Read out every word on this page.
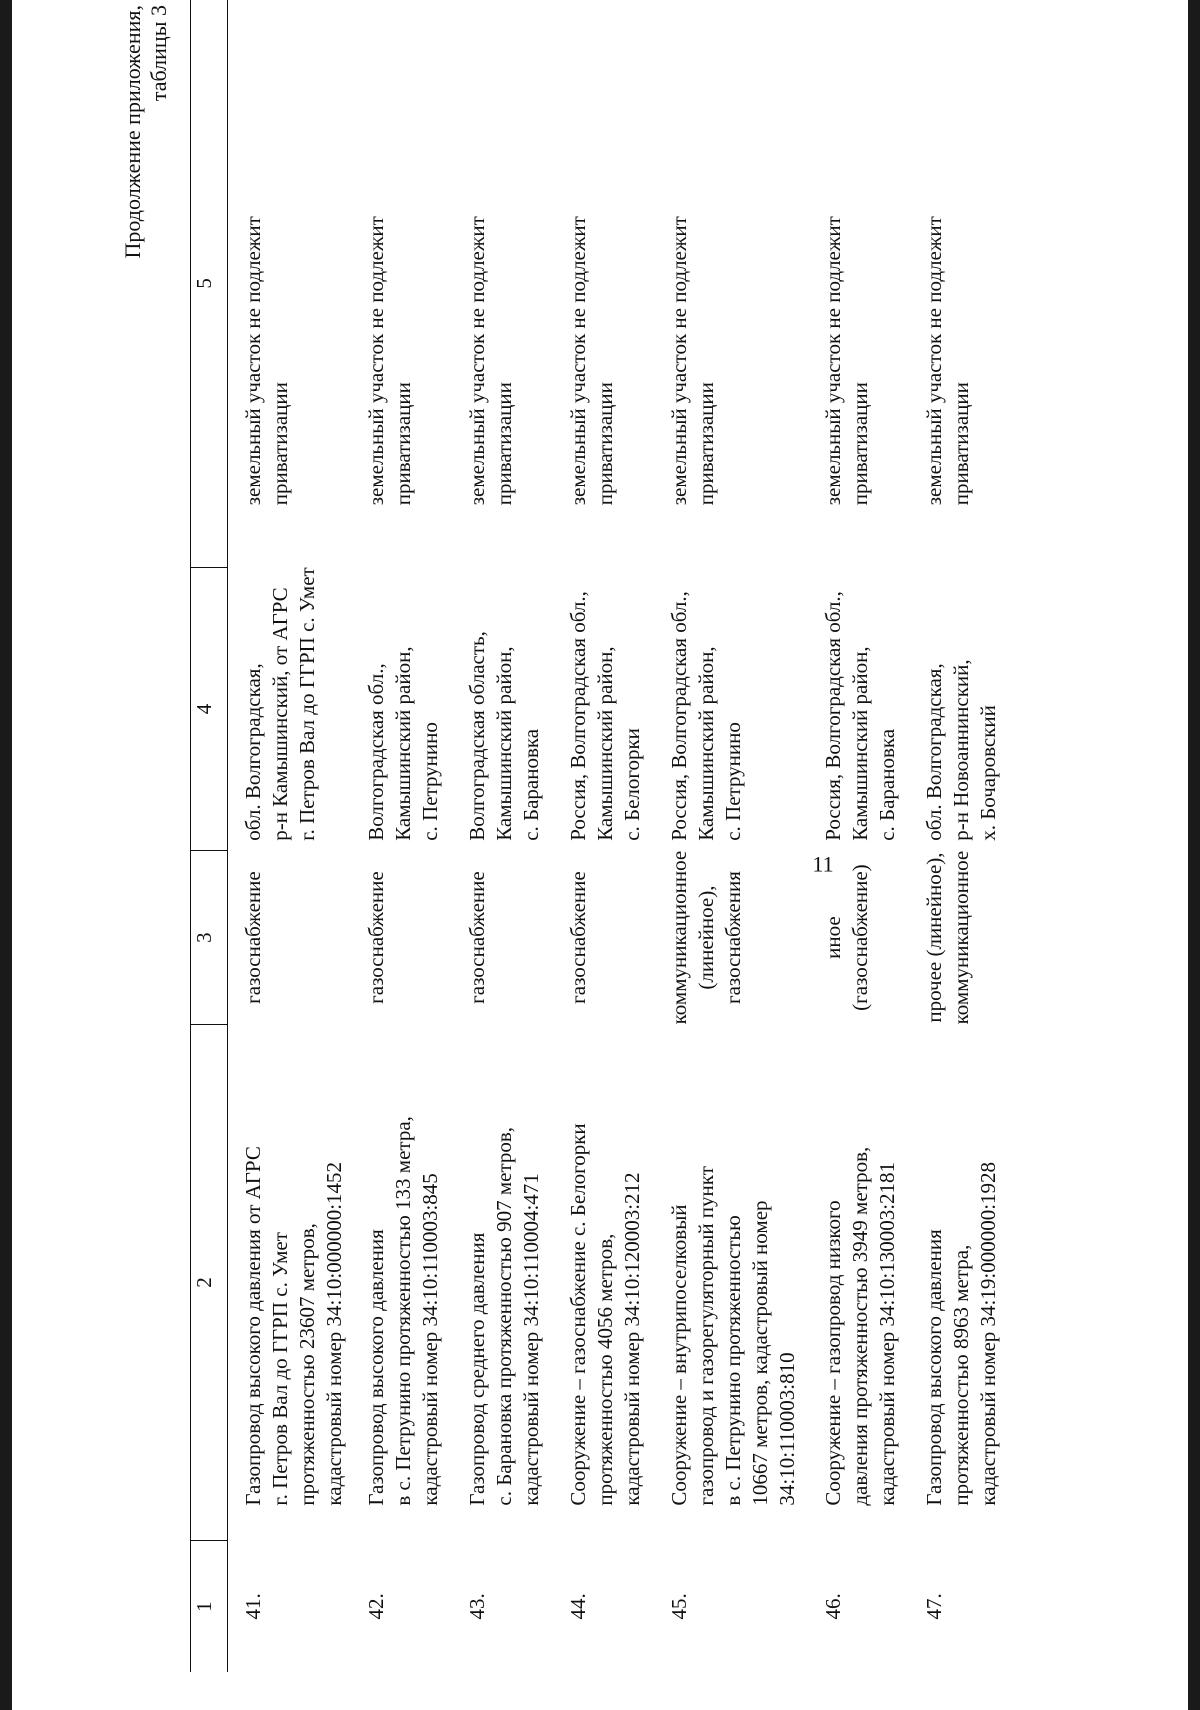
11
Продолжение приложения, таблицы 3
1	2	3	4	5
41.	Газопровод высокого давления от АГРС г. Петров Вал до ГГРП с. Умет протяженностью 23607 метров, кадастровый номер 34:10:000000:1452	газоснабжение	обл. Волгоградская, р-н Камышинский, от АГРС г. Петров Вал до ГГРП с. Умет	земельный участок не подлежит приватизации

42.	Газопровод высокого давления в с. Петрунино протяженностью 133 метра, кадастровый номер 34:10:110003:845	газоснабжение	Волгоградская обл., Камышинский район, с. Петрунино	земельный участок не подлежит приватизации

43.	Газопровод среднего давления с. Барановка протяженностью 907 метров, кадастровый номер 34:10:110004:471	газоснабжение	Волгоградская область, Камышинский район, с. Барановка	земельный участок не подлежит приватизации

44.	Сооружение – газоснабжение с. Белогорки протяженностью 4056 метров, кадастровый номер 34:10:120003:212	газоснабжение	Россия, Волгоградская обл., Камышинский район, с. Белогорки	земельный участок не подлежит приватизации

45.	Сооружение – внутрипоселковый газопровод и газорегуляторный пункт в с. Петрунино протяженностью 10667 метров, кадастровый номер 34:10:110003:810	коммуникационное (линейное), газоснабжения	Россия, Волгоградская обл., Камышинский район, с. Петрунино	земельный участок не подлежит приватизации

46.	Сооружение – газопровод низкого давления протяженностью 3949 метров, кадастровый номер 34:10:130003:2181	иное (газоснабжение)	Россия, Волгоградская обл., Камышинский район, с. Барановка	земельный участок не подлежит приватизации

47.	Газопровод высокого давления протяженностью 8963 метра, кадастровый номер 34:19:000000:1928	прочее (линейное), коммуникационное	обл. Волгоградская, р-н Новоаннинский, х. Бочаровский	земельный участок не подлежит приватизации
